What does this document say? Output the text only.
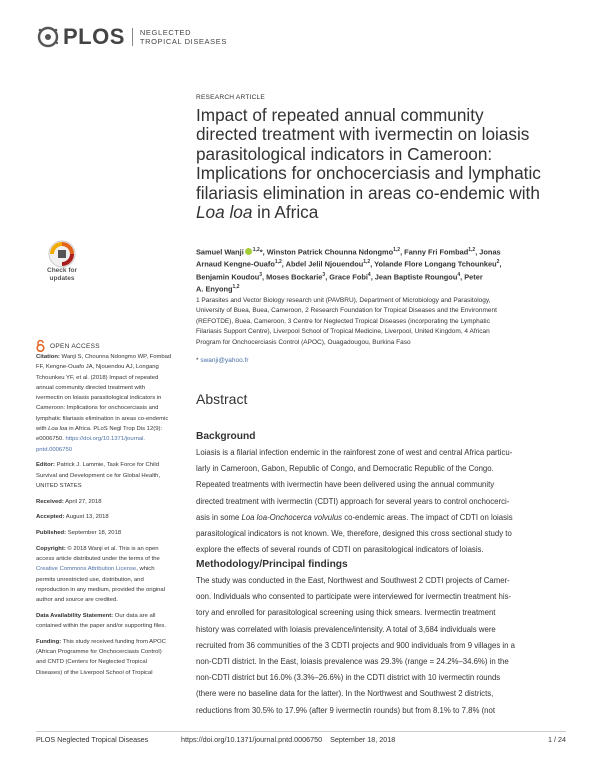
PLOS NEGLECTED
TROPICAL DISEASES
RESEARCH ARTICLE
Impact of repeated annual community
directed treatment with ivermectin on loiasis
parasitological indicators in Cameroon:
Implications for onchocerciasis and lymphatic
filariasis elimination in areas co-endemic with
Loa loa in Africa
Samuel Wanji $^{1,2}$*, Winston Patrick Chounna Ndongmo$^{1,2}$, Fanny Fri Fombad$^{1,2}$, Jonas
Arnaud Kengne-Ouafo$^{1,2}$, Abdel Jelil Njouendou$^{1,2}$, Yolande Flore Longang Tchounkeu$^2$,
Benjamin Koudou$^3$, Moses Bockarie$^3$, Grace Fobi$^4$, Jean Baptiste Roungou$^4$, Peter
A. Enyong$^{1,2}$
1 Parasites and Vector Biology research unit (PAVBRU), Department of Microbiology and Parasitology,
University of Buea, Buea, Cameroon, 2 Research Foundation for Tropical Diseases and the Environment
(REFOTDE), Buea, Cameroon, 3 Centre for Neglected Tropical Diseases (incorporating the Lymphatic
Filariasis Support Centre), Liverpool School of Tropical Medicine, Liverpool, United Kingdom, 4 African
Program for Onchocerciasis Control (APOC), Ouagadougou, Burkina Faso
* swanji@yahoo.fr
Abstract
Background
Loiasis is a filarial infection endemic in the rainforest zone of west and central Africa particu-
larly in Cameroon, Gabon, Republic of Congo, and Democratic Republic of the Congo.
Repeated treatments with ivermectin have been delivered using the annual community
directed treatment with ivermectin (CDTI) approach for several years to control onchocerci-
asis in some Loa loa-Onchocerca volvulus co-endemic areas. The impact of CDTI on loiasis
parasitological indicators is not known. We, therefore, designed this cross sectional study to
explore the effects of several rounds of CDTI on parasitological indicators of loiasis.
Methodology/Principal findings
The study was conducted in the East, Northwest and Southwest 2 CDTI projects of Camer-
oon. Individuals who consented to participate were interviewed for ivermectin treatment his-
tory and enrolled for parasitological screening using thick smears. Ivermectin treatment
history was correlated with loiasis prevalence/intensity. A total of 3,684 individuals were
recruited from 36 communities of the 3 CDTI projects and 900 individuals from 9 villages in a
non-CDTI district. In the East, loiasis prevalence was 29.3% (range = 24.2%–34.6%) in the
non-CDTI district but 16.0% (3.3%–26.6%) in the CDTI district with 10 ivermectin rounds
(there were no baseline data for the latter). In the Northwest and Southwest 2 districts,
reductions from 30.5% to 17.9% (after 9 ivermectin rounds) but from 8.1% to 7.8% (not
Check for
updates
OPEN ACCESS

Citation: Wanji S, Chounna Ndongmo WP, Fombad
FF, Kengne-Ouafo JA, Njouendou AJ, Longang
Tchounkeu YF, et al. (2018) Impact of repeated
annual community directed treatment with
ivermectin on loiasis parasitological indicators in
Cameroon: Implications for onchocerciasis and
lymphatic filariasis elimination in areas co-endemic
with Loa loa in Africa. PLoS Negl Trop Dis 12(9):
e0006750. https://doi.org/10.1371/journal.
pntd.0006750

Editor: Patrick J. Lammie, Task Force for Child
Survival and Development ce for Global Health,
UNITED STATES

Received: April 27, 2018

Accepted: August 13, 2018

Published: September 18, 2018

Copyright: © 2018 Wanji et al. This is an open
access article distributed under the terms of the
Creative Commons Attribution License, which
permits unrestricted use, distribution, and
reproduction in any medium, provided the original
author and source are credited.

Data Availability Statement: Our data are all
contained within the paper and/or supporting files.

Funding: This study received funding from APOC
(African Programme for Onchocerciasis Control)
and CNTD (Centers for Neglected Tropical
Diseases) of the Liverpool School of Tropical

PLOS Neglected Tropical Diseases	https://doi.org/10.1371/journal.pntd.0006750 September 18, 2018	1 / 24
